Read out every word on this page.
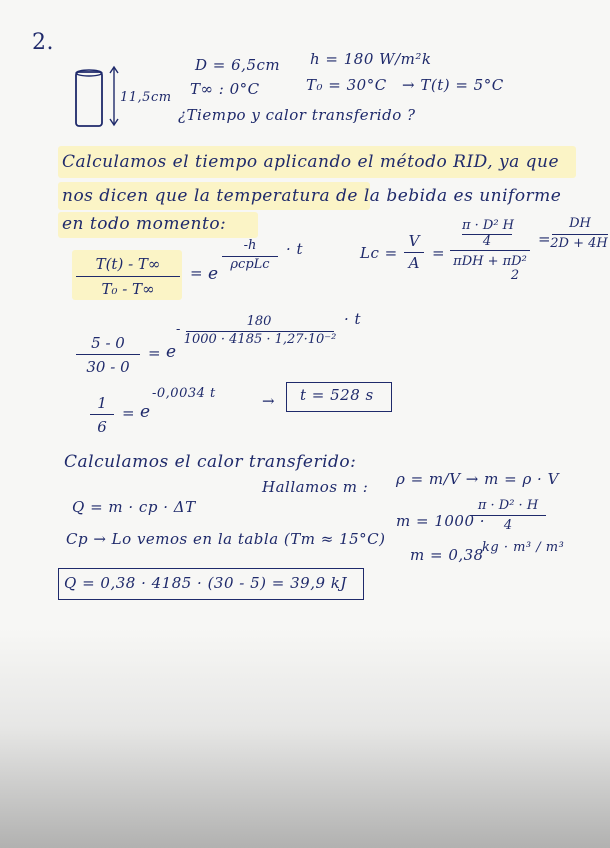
2.
11,5cm
D = 6,5cm h = 180 W/m²k
T∞ : 0°C	T₀ = 30°C → T(t) = 5°C
¿Tiempo y calor transferido ?
Calculamos el tiempo aplicando el método RID, ya que
nos dicen que la temperatura de la bebida es uniforme
en todo momento:
T(t) - T∞
T₀ - T∞
= e
-h
ρcpLc
· t	Lc =
V
A
=
π · D² H
4
πDH + πD²
2
=
DH
2D + 4H
5 - 0
30 - 0
= e
-
180
1000 · 4185 · 1,27·10⁻²
· t
1
6
= e
-0,0034 t	→ t = 528 s
Calculamos el calor transferido:
Q = m · cp · ΔT
Hallamos m : ρ = m/V → m = ρ · V
Cp → Lo vemos en la tabla (Tm ≈ 15°C)
m = 1000 ·
π · D² · H
4
m = 0,38
kg · m³ / m³
Q = 0,38 · 4185 · (30 - 5) = 39,9 kJ
